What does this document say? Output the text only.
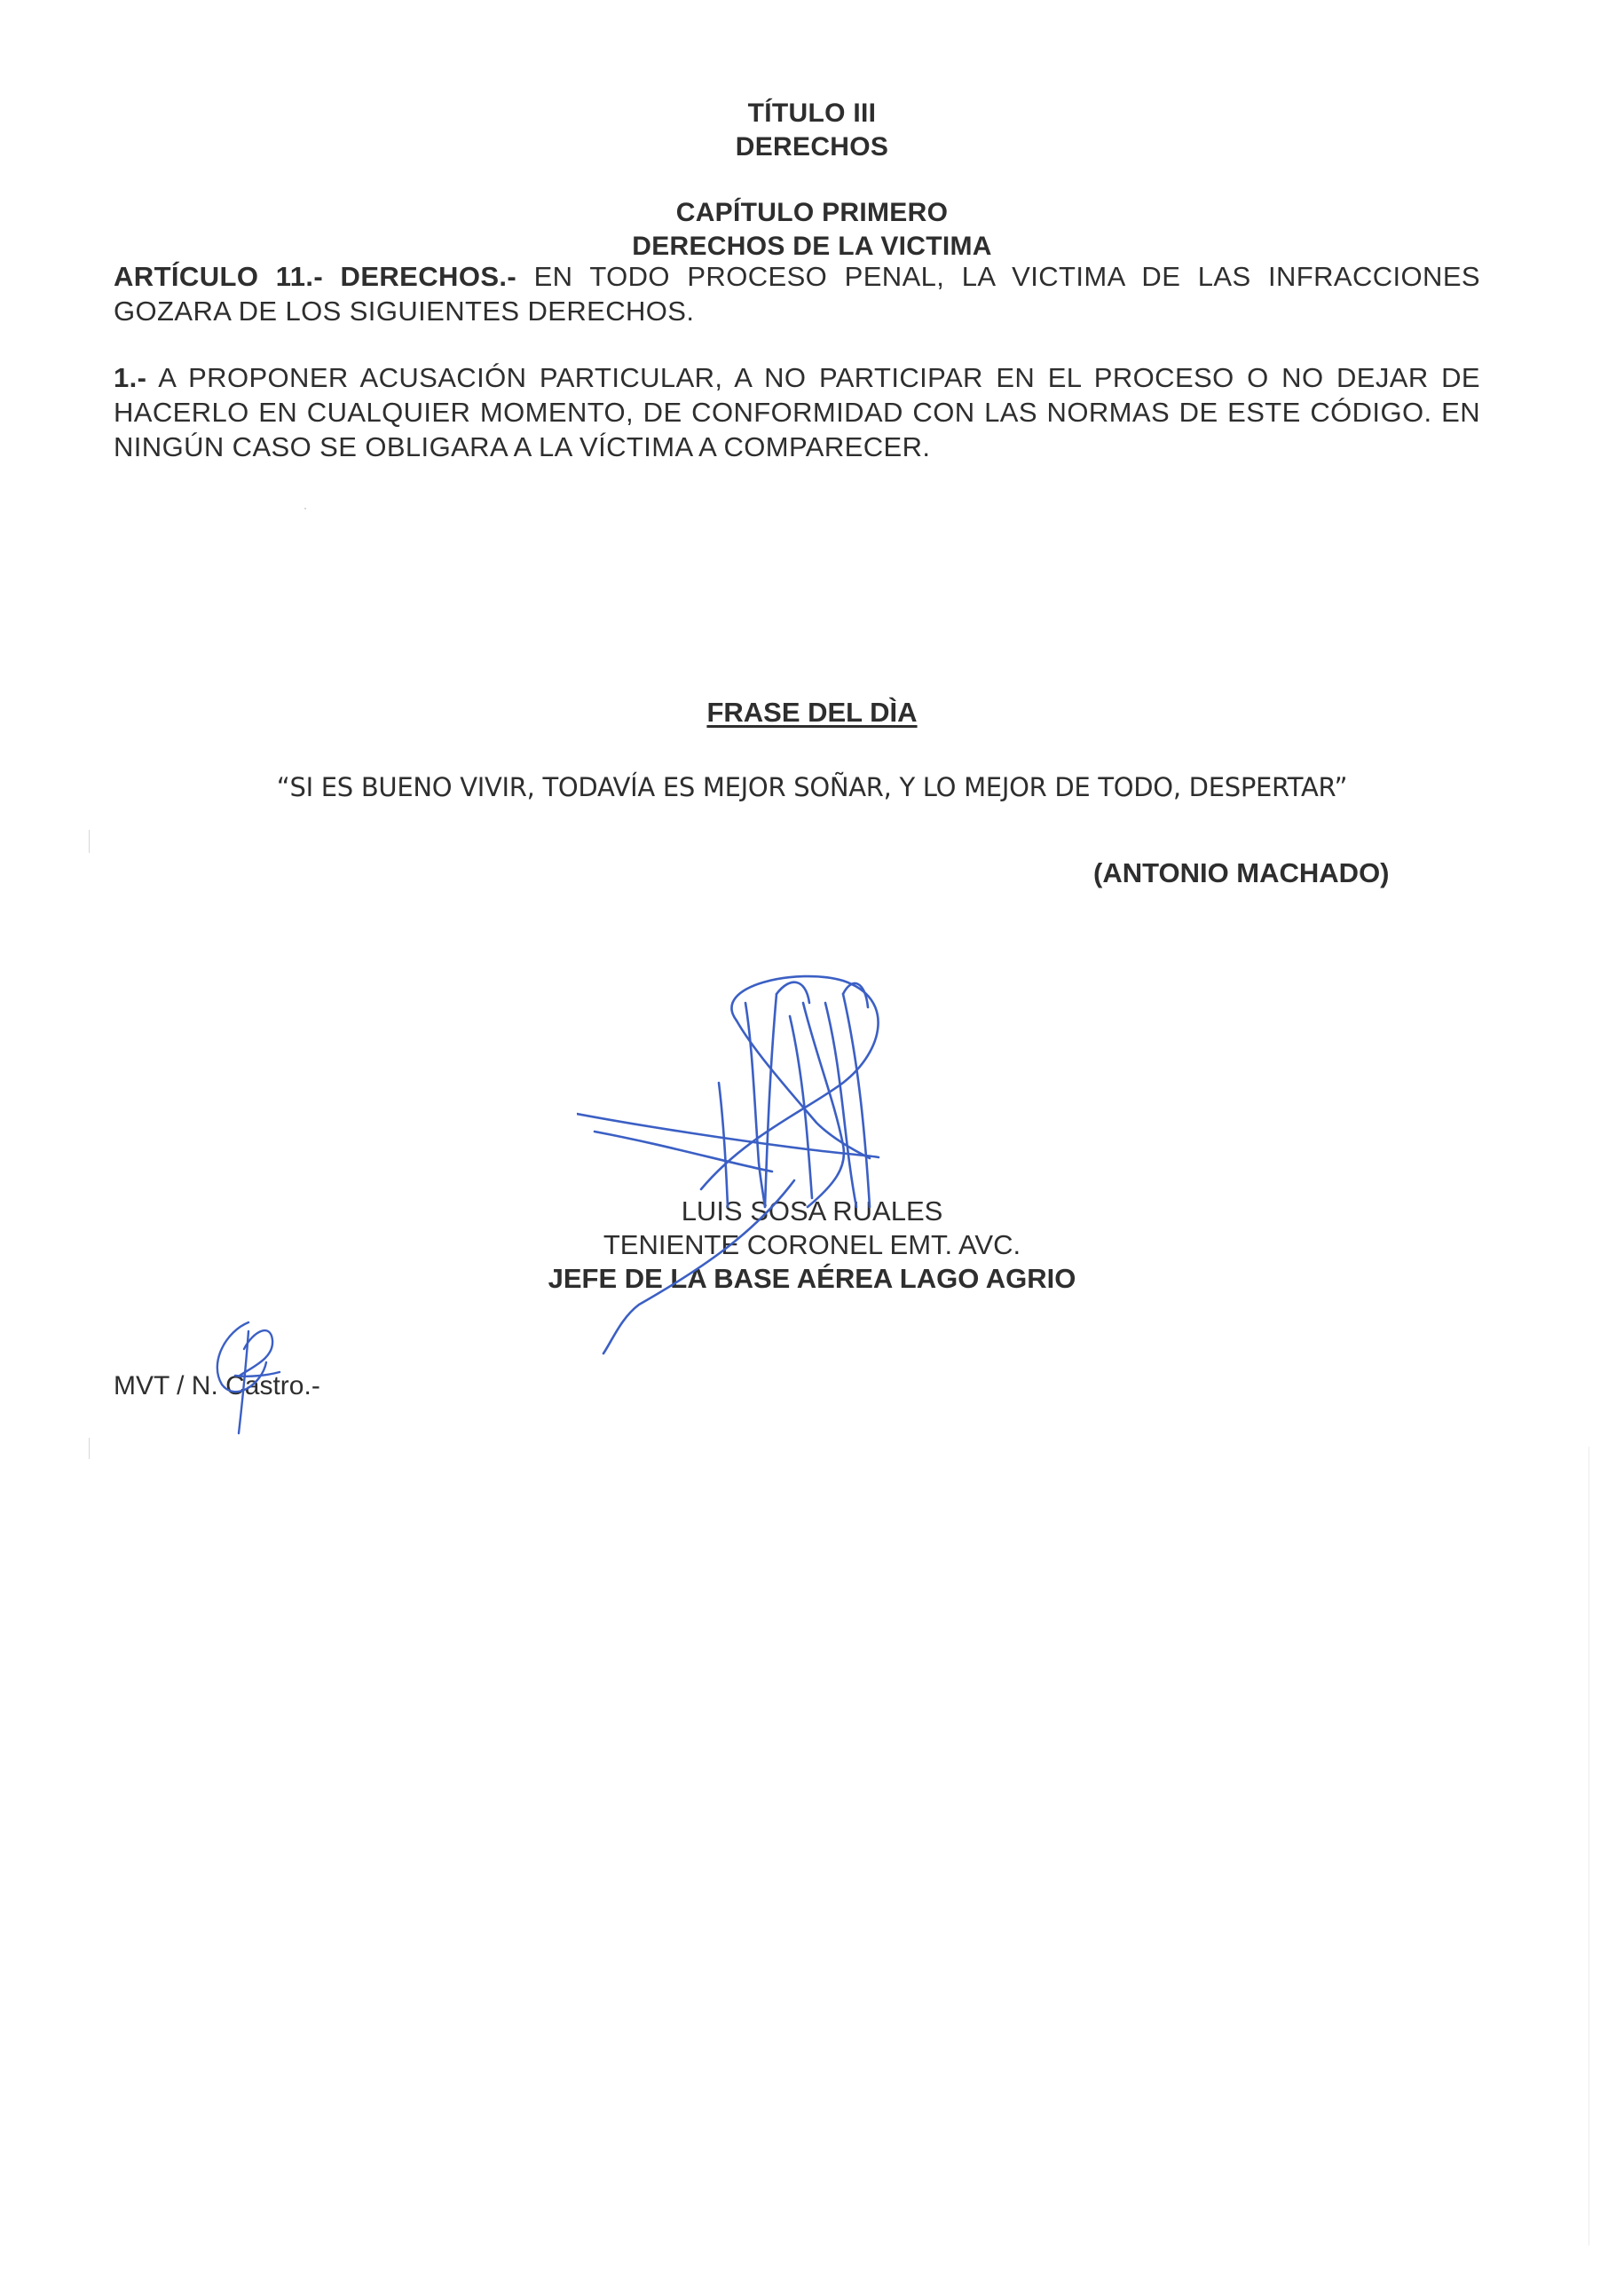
TÍTULO III

DERECHOS

CAPÍTULO PRIMERO

DERECHOS DE LA VICTIMA

ARTÍCULO 11.- DERECHOS.- EN TODO PROCESO PENAL, LA VICTIMA DE LAS INFRACCIONES GOZARA DE LOS SIGUIENTES DERECHOS.

1.- A PROPONER ACUSACIÓN PARTICULAR, A NO PARTICIPAR EN EL PROCESO O NO DEJAR DE HACERLO EN CUALQUIER MOMENTO, DE CONFORMIDAD CON LAS NORMAS DE ESTE CÓDIGO. EN NINGÚN CASO SE OBLIGARA A LA VÍCTIMA A COMPARECER.

FRASE DEL DÌA

“SI ES BUENO VIVIR, TODAVÍA ES MEJOR SOÑAR, Y LO MEJOR DE TODO, DESPERTAR”

(ANTONIO MACHADO)

LUIS SOSA RUALES

TENIENTE CORONEL EMT. AVC.

JEFE DE LA BASE AÉREA LAGO AGRIO

MVT / N. Castro.-
